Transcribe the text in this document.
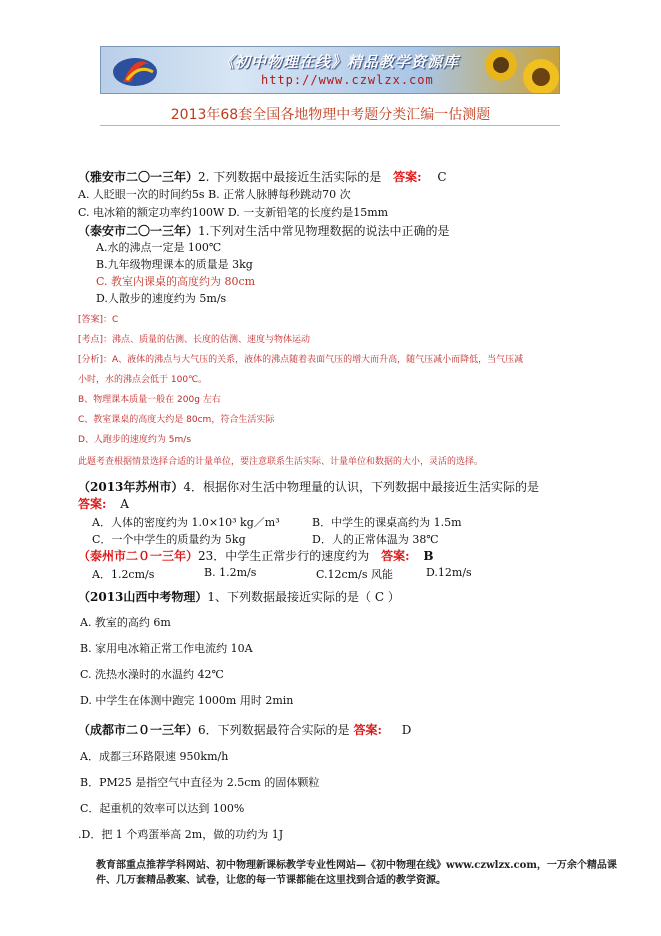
《初中物理在线》精品教学资源库
http://www.czwlzx.com
2013年68套全国各地物理中考题分类汇编一估测题
（雅安市二〇一三年）2. 下列数据中最接近生活实际的是 答案: C
A. 人眨眼一次的时间约5s B. 正常人脉膊每秒跳动70 次
C. 电冰箱的额定功率约100W D. 一支新铅笔的长度约是15mm
（泰安市二〇一三年）1.下列对生活中常见物理数据的说法中正确的是
A.水的沸点一定是 100℃
B.九年级物理课本的质量是 3kg
C. 教室内课桌的高度约为 80cm
D.人散步的速度约为 5m/s
[答案]：C
[考点]：沸点、质量的估测、长度的估测、速度与物体运动
[分析]：A、液体的沸点与大气压的关系，液体的沸点随着表面气压的增大而升高，随气压减小而降低，当气压减
小时，水的沸点会低于 100℃。
B、物理课本质量一般在 200g 左右
C、教室课桌的高度大约是 80cm，符合生活实际
D、人跑步的速度约为 5m/s
此题考查根据情景选择合适的计量单位，要注意联系生活实际、计量单位和数据的大小，灵活的选择。
（2013年苏州市）4．根据你对生活中物理量的认识，下列数据中最接近生活实际的是
答案: A
A．人体的密度约为 1.0×10³ kg／m³	B．中学生的课桌高约为 1.5m
C．一个中学生的质量约为 5kg	D．人的正常体温为 38℃
（泰州市二０一三年）23．中学生正常步行的速度约为 答案: B
A．1.2cm/s	B. 1.2m/s	C.12cm/s 风能	D.12m/s
（2013山西中考物理）1、下列数据最接近实际的是（ C ）
A. 教室的高约 6m
B. 家用电冰箱正常工作电流约 10A
C. 洗热水澡时的水温约 42℃
D. 中学生在体测中跑完 1000m 用时 2min
（成都市二０一三年）6．下列数据最符合实际的是 答案: D
A．成都三环路限速 950km/h
B．PM25 是指空气中直径为 2.5cm 的固体颗粒
C．起重机的效率可以达到 100%
.D．把 1 个鸡蛋举高 2m，做的功约为 1J
教育部重点推荐学科网站、初中物理新课标教学专业性网站—《初中物理在线》www.czwlzx.com，一万余个精品课
件、几万套精品教案、试卷，让您的每一节课都能在这里找到合适的教学资源。
